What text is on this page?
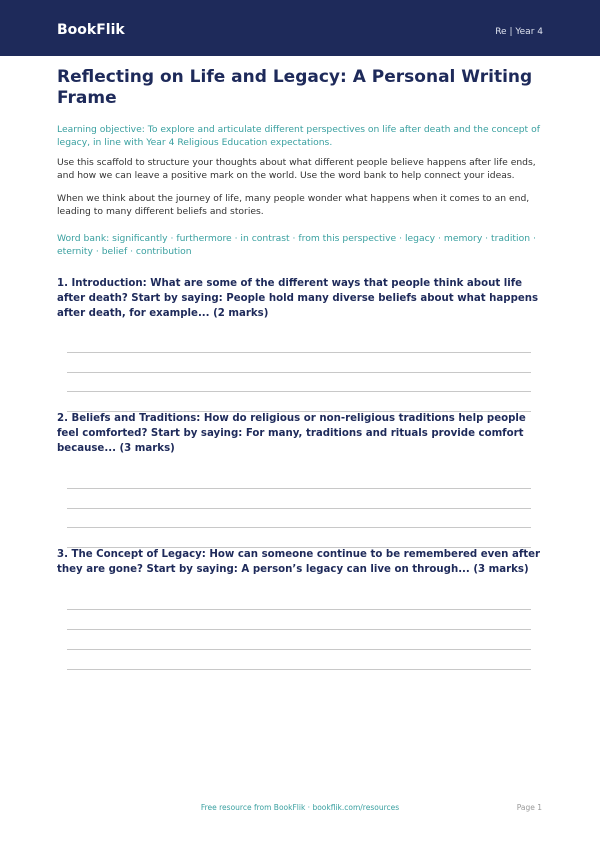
BookFlik	Re | Year 4
Reflecting on Life and Legacy: A Personal Writing Frame

Learning objective: To explore and articulate different perspectives on life after death and the concept of legacy, in line with Year 4 Religious Education expectations.

Use this scaffold to structure your thoughts about what different people believe happens after life ends, and how we can leave a positive mark on the world. Use the word bank to help connect your ideas.

When we think about the journey of life, many people wonder what happens when it comes to an end, leading to many different beliefs and stories.

Word bank: significantly · furthermore · in contrast · from this perspective · legacy · memory · tradition · eternity · belief · contribution

1. Introduction: What are some of the different ways that people think about life after death? Start by saying: People hold many diverse beliefs about what happens after death, for example... (2 marks)

2. Beliefs and Traditions: How do religious or non-religious traditions help people feel comforted? Start by saying: For many, traditions and rituals provide comfort because... (3 marks)

3. The Concept of Legacy: How can someone continue to be remembered even after they are gone? Start by saying: A person’s legacy can live on through... (3 marks)

Free resource from BookFlik · bookflik.com/resources	Page 1
